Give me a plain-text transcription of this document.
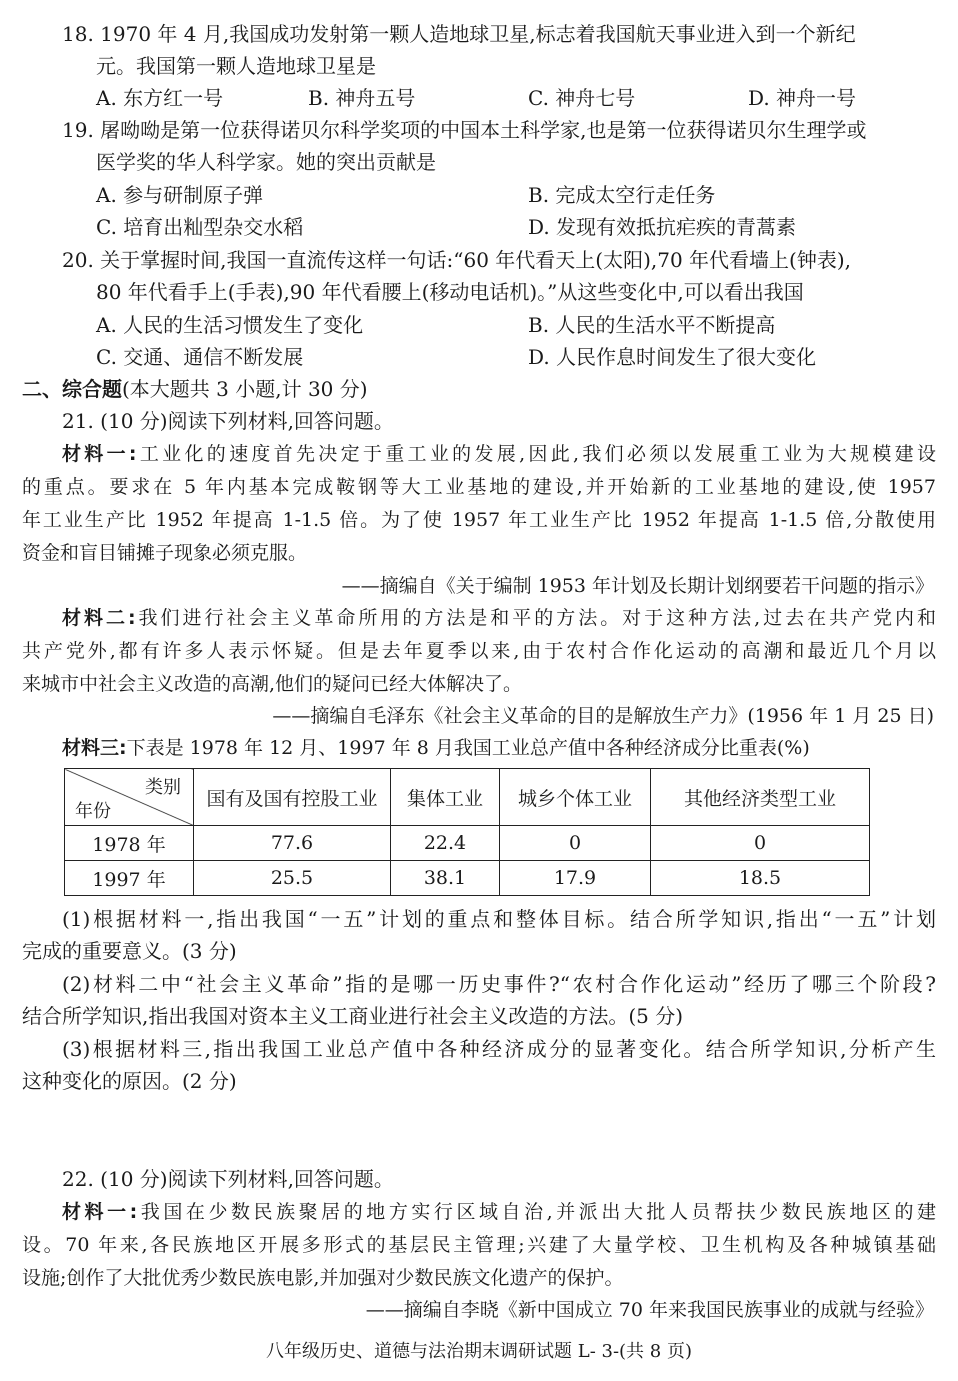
18. 1970 年 4 月,我国成功发射第一颗人造地球卫星,标志着我国航天事业进入到一个新纪
元。我国第一颗人造地球卫星是
A. 东方红一号	B. 神舟五号	C. 神舟七号	D. 神舟一号
19. 屠呦呦是第一位获得诺贝尔科学奖项的中国本土科学家,也是第一位获得诺贝尔生理学或
医学奖的华人科学家。她的突出贡献是
A. 参与研制原子弹	B. 完成太空行走任务
C. 培育出籼型杂交水稻	D. 发现有效抵抗疟疾的青蒿素
20. 关于掌握时间,我国一直流传这样一句话:“60 年代看天上(太阳),70 年代看墙上(钟表),
80 年代看手上(手表),90 年代看腰上(移动电话机)。”从这些变化中,可以看出我国
A. 人民的生活习惯发生了变化	B. 人民的生活水平不断提高
C. 交通、通信不断发展	D. 人民作息时间发生了很大变化
二、综合题(本大题共 3 小题,计 30 分)
21. (10 分)阅读下列材料,回答问题。
材料一:工业化的速度首先决定于重工业的发展,因此,我们必须以发展重工业为大规模建设
的重点。要求在 5 年内基本完成鞍钢等大工业基地的建设,并开始新的工业基地的建设,使 1957
年工业生产比 1952 年提高 1-1.5 倍。为了使 1957 年工业生产比 1952 年提高 1-1.5 倍,分散使用
资金和盲目铺摊子现象必须克服。
——摘编自《关于编制 1953 年计划及长期计划纲要若干问题的指示》
材料二:我们进行社会主义革命所用的方法是和平的方法。对于这种方法,过去在共产党内和
共产党外,都有许多人表示怀疑。但是去年夏季以来,由于农村合作化运动的高潮和最近几个月以
来城市中社会主义改造的高潮,他们的疑问已经大体解决了。
——摘编自毛泽东《社会主义革命的目的是解放生产力》(1956 年 1 月 25 日)
材料三:下表是 1978 年 12 月、1997 年 8 月我国工业总产值中各种经济成分比重表(%)
类别
年份	国有及国有控股工业	集体工业	城乡个体工业	其他经济类型工业
1978 年	77.6	22.4	0	0
1997 年	25.5	38.1	17.9	18.5
(1)根据材料一,指出我国“一五”计划的重点和整体目标。结合所学知识,指出“一五”计划
完成的重要意义。(3 分)
(2)材料二中“社会主义革命”指的是哪一历史事件?“农村合作化运动”经历了哪三个阶段?
结合所学知识,指出我国对资本主义工商业进行社会主义改造的方法。(5 分)
(3)根据材料三,指出我国工业总产值中各种经济成分的显著变化。结合所学知识,分析产生
这种变化的原因。(2 分)
22. (10 分)阅读下列材料,回答问题。
材料一:我国在少数民族聚居的地方实行区域自治,并派出大批人员帮扶少数民族地区的建
设。70 年来,各民族地区开展多形式的基层民主管理;兴建了大量学校、卫生机构及各种城镇基础
设施;创作了大批优秀少数民族电影,并加强对少数民族文化遗产的保护。
——摘编自李晓《新中国成立 70 年来我国民族事业的成就与经验》
八年级历史、道德与法治期末调研试题 L- 3-(共 8 页)
